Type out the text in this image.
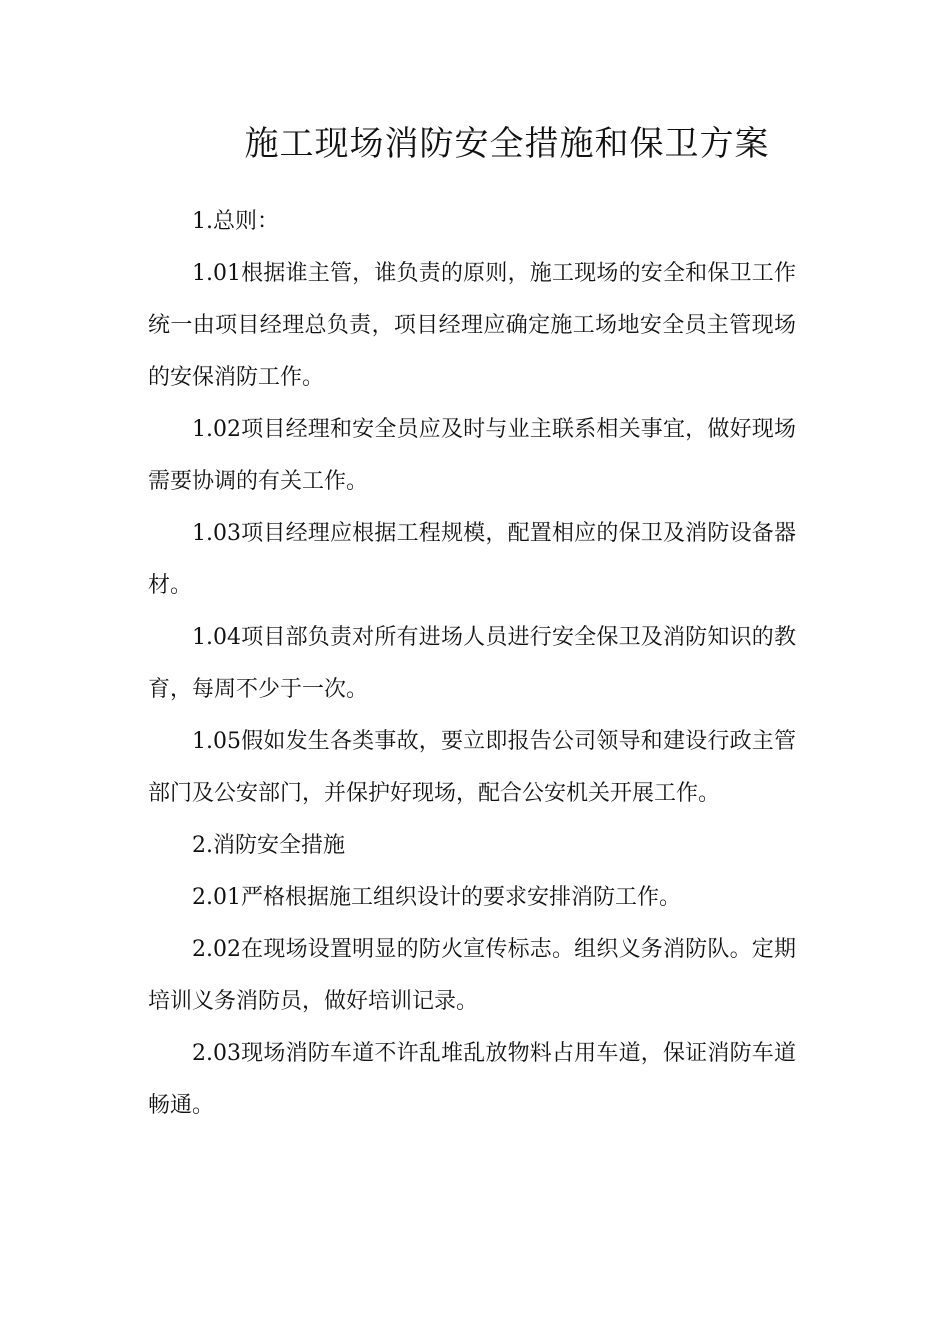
施工现场消防安全措施和保卫方案

1.总则：

1.01根据谁主管，谁负责的原则，施工现场的安全和保卫工作统一由项目经理总负责，项目经理应确定施工场地安全员主管现场的安保消防工作。

1.02项目经理和安全员应及时与业主联系相关事宜，做好现场需要协调的有关工作。

1.03项目经理应根据工程规模，配置相应的保卫及消防设备器材。

1.04项目部负责对所有进场人员进行安全保卫及消防知识的教育，每周不少于一次。

1.05假如发生各类事故，要立即报告公司领导和建设行政主管部门及公安部门，并保护好现场，配合公安机关开展工作。

2.消防安全措施

2.01严格根据施工组织设计的要求安排消防工作。

2.02在现场设置明显的防火宣传标志。组织义务消防队。定期培训义务消防员，做好培训记录。

2.03现场消防车道不许乱堆乱放物料占用车道，保证消防车道畅通。
